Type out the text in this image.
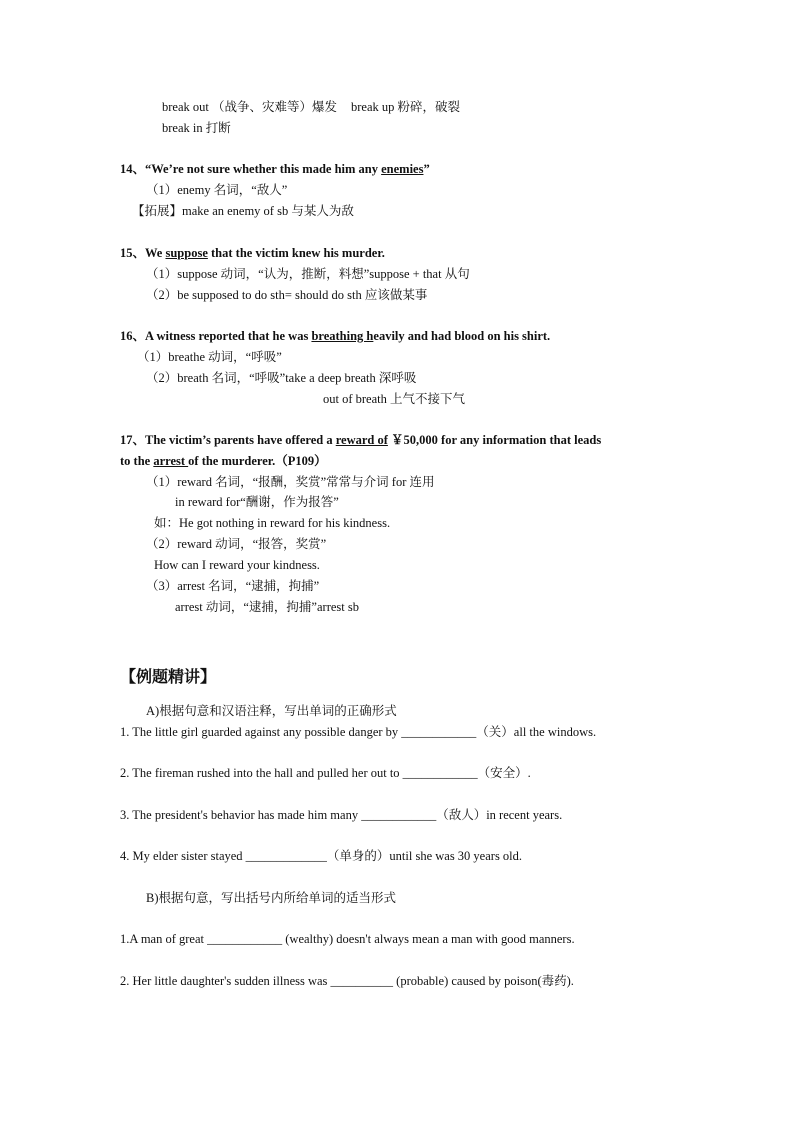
break out （战争、灾难等）爆发 break up 粉碎，破裂
break in 打断
14、“We’re not sure whether this made him any enemies”
（1）enemy 名词，“敌人”
【拓展】make an enemy of sb 与某人为敌
15、We suppose that the victim knew his murder.
（1）suppose 动词，“认为，推断，料想”suppose + that 从句
（2）be supposed to do sth= should do sth 应该做某事
16、A witness reported that he was breathing heavily and had blood on his shirt.
（1）breathe 动词，“呼吸”
（2）breath 名词，“呼吸”take a deep breath 深呼吸
out of breath 上气不接下气
17、The victim’s parents have offered a reward of ￥50,000 for any information that leads
to the arrest of the murderer.（P109）
（1）reward 名词，“报酬，奖赏”常常与介词 for 连用
in reward for“酬谢，作为报答”
如：He got nothing in reward for his kindness.
（2）reward 动词，“报答，奖赏”
How can I reward your kindness.
（3）arrest 名词，“逮捕，拘捕”
arrest 动词，“逮捕，拘捕”arrest sb
【例题精讲】
A)根据句意和汉语注释，写出单词的正确形式
1. The little girl guarded against any possible danger by ____________（关）all the windows.
2. The fireman rushed into the hall and pulled her out to ____________（安全）.
3. The president's behavior has made him many ____________（敌人）in recent years.
4. My elder sister stayed _____________（单身的）until she was 30 years old.
B)根据句意，写出括号内所给单词的适当形式
1.A man of great ____________ (wealthy) doesn't always mean a man with good manners.
2. Her little daughter's sudden illness was __________ (probable) caused by poison(毒药).
